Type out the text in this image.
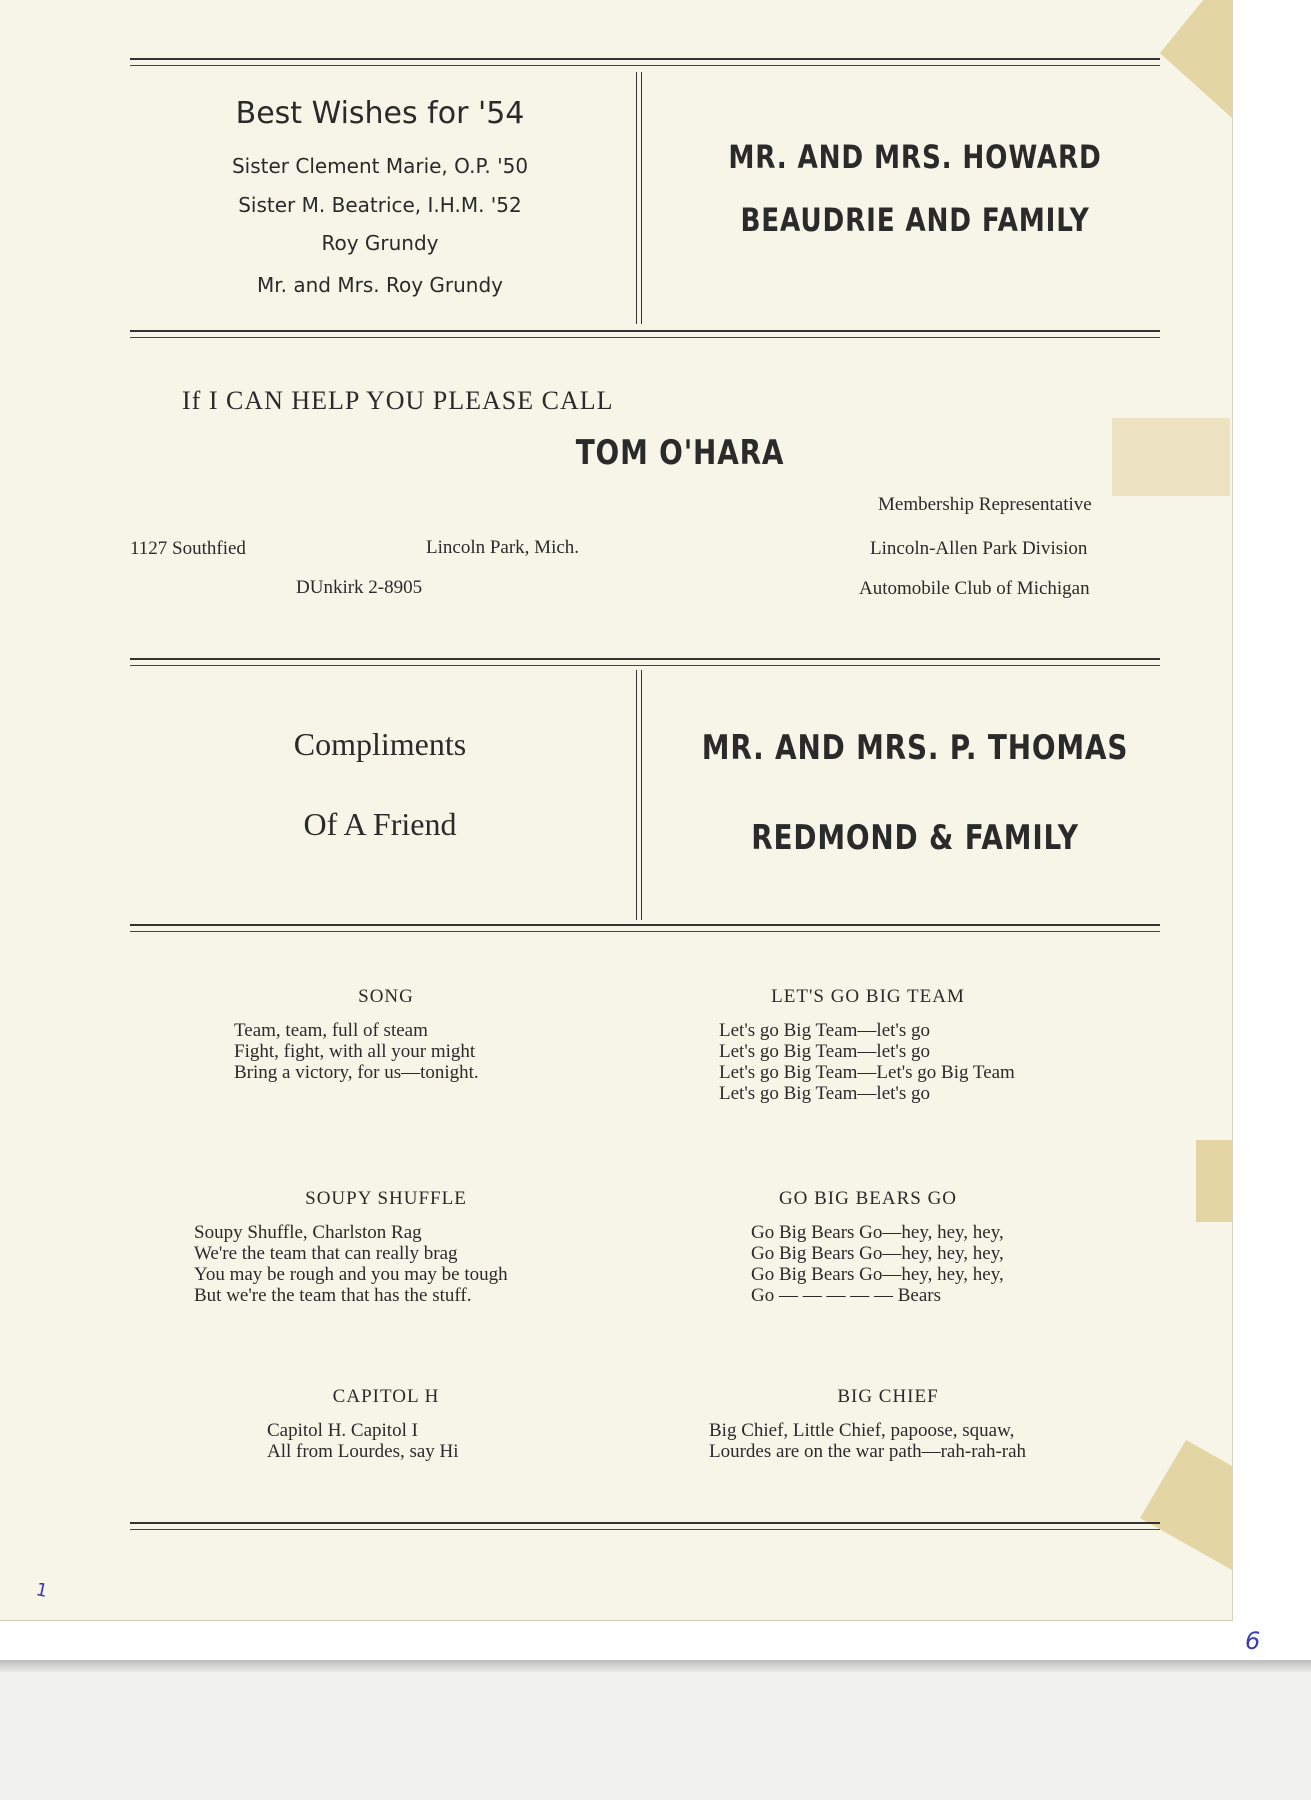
Best Wishes for '54
Sister Clement Marie, O.P. '50
Sister M. Beatrice, I.H.M. '52
Roy Grundy
Mr. and Mrs. Roy Grundy
MR. AND MRS. HOWARD
BEAUDRIE AND FAMILY
If I CAN HELP YOU PLEASE CALL
TOM O'HARA
Membership Representative
1127 Southfied	Lincoln Park, Mich.	Lincoln-Allen Park Division
DUnkirk 2-8905	Automobile Club of Michigan
Compliments
Of A Friend
MR. AND MRS. P. THOMAS
REDMOND & FAMILY
SONG
Team, team, full of steam
Fight, fight, with all your might
Bring a victory, for us—tonight.
LET'S GO BIG TEAM
Let's go Big Team—let's go
Let's go Big Team—let's go
Let's go Big Team—Let's go Big Team
Let's go Big Team—let's go
SOUPY SHUFFLE
Soupy Shuffle, Charlston Rag
We're the team that can really brag
You may be rough and you may be tough
But we're the team that has the stuff.
GO BIG BEARS GO
Go Big Bears Go—hey, hey, hey,
Go Big Bears Go—hey, hey, hey,
Go Big Bears Go—hey, hey, hey,
Go — — — — — Bears
CAPITOL H
Capitol H. Capitol I
All from Lourdes, say Hi
BIG CHIEF
Big Chief, Little Chief, papoose, squaw,
Lourdes are on the war path—rah-rah-rah
1
6
